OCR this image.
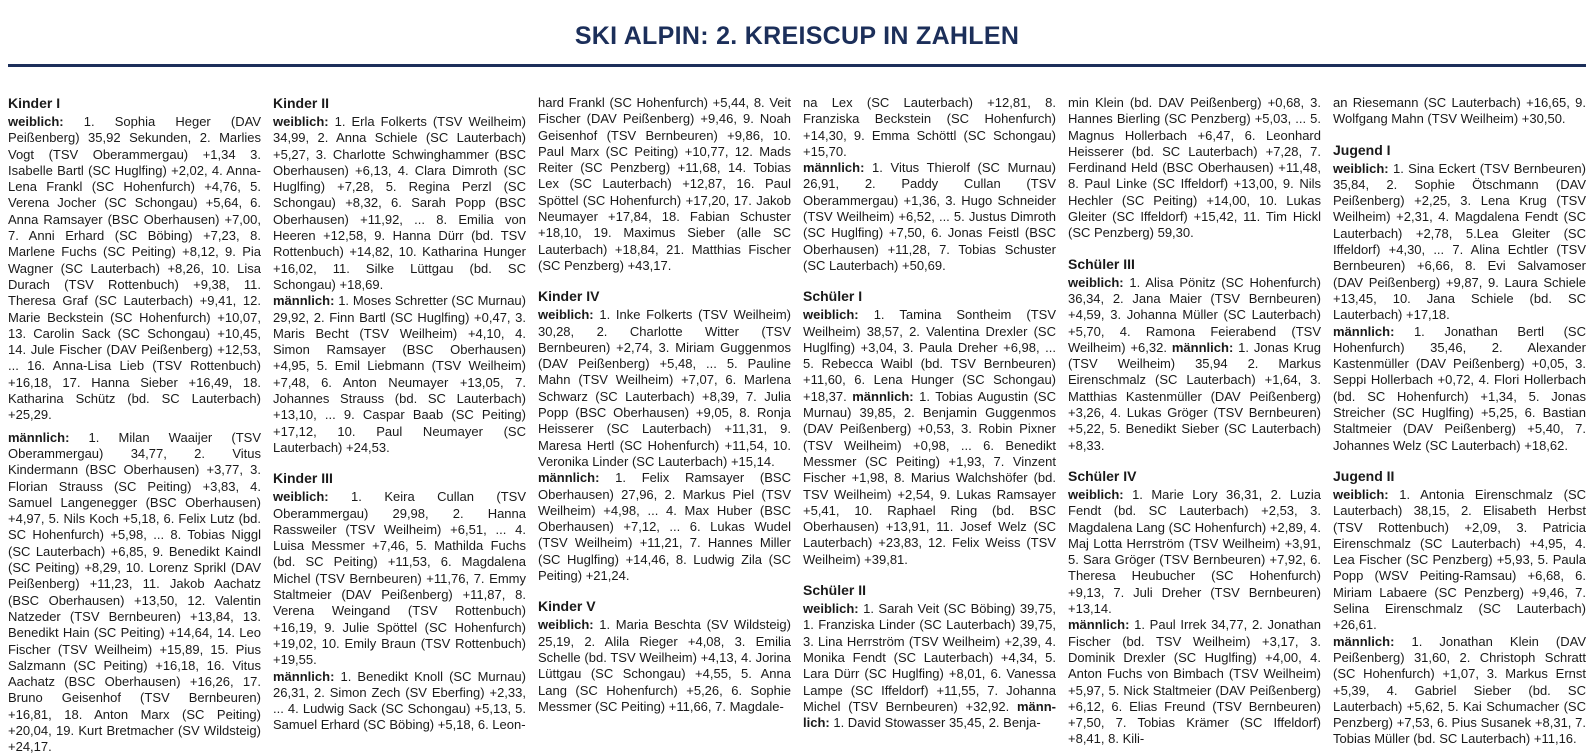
SKI ALPIN: 2. KREISCUP IN ZAHLEN
Kinder I

weiblich: 1. Sophia Heger (DAV Peißenberg) 35,92 Sekunden, 2. Marlies Vogt (TSV Oberammergau) +1,34 3. Isabelle Bartl (SC Huglfing) +2,02, 4. Anna-Lena Frankl (SC Hohenfurch) +4,76, 5. Verena Jocher (SC Schongau) +5,64, 6. Anna Ramsayer (BSC Oberhausen) +7,00, 7. Anni Erhard (SC Böbing) +7,23, 8. Marlene Fuchs (SC Peiting) +8,12, 9. Pia Wagner (SC Lauterbach) +8,26, 10. Lisa Durach (TSV Rottenbuch) +9,38, 11. Theresa Graf (SC Lauterbach) +9,41, 12. Marie Beckstein (SC Hohenfurch) +10,07, 13. Carolin Sack (SC Schongau) +10,45, 14. Jule Fischer (DAV Peißenberg) +12,53, ... 16. Anna-Lisa Lieb (TSV Rottenbuch) +16,18, 17. Hanna Sieber +16,49, 18. Katharina Schütz (bd. SC Lauterbach) +25,29.

männlich: 1. Milan Waaijer (TSV Oberammergau) 34,77, 2. Vitus Kindermann (BSC Oberhausen) +3,77, 3. Florian Strauss (SC Peiting) +3,83, 4. Samuel Langenegger (BSC Oberhausen) +4,97, 5. Nils Koch +5,18, 6. Felix Lutz (bd. SC Hohenfurch) +5,98, ... 8. Tobias Niggl (SC Lauterbach) +6,85, 9. Benedikt Kaindl (SC Peiting) +8,29, 10. Lorenz Sprikl (DAV Peißenberg) +11,23, 11. Jakob Aachatz (BSC Oberhausen) +13,50, 12. Valentin Natzeder (TSV Bernbeuren) +13,84, 13. Benedikt Hain (SC Peiting) +14,64, 14. Leo Fischer (TSV Weilheim) +15,89, 15. Pius Salzmann (SC Peiting) +16,18, 16. Vitus Aachatz (BSC Oberhausen) +16,26, 17. Bruno Geisenhof (TSV Bernbeuren) +16,81, 18. Anton Marx (SC Peiting) +20,04, 19. Kurt Bretmacher (SV Wildsteig) +24,17.

Kinder II

weiblich: 1. Erla Folkerts (TSV Weilheim) 34,99, 2. Anna Schiele (SC Lauterbach) +5,27, 3. Charlotte Schwinghammer (BSC Oberhausen) +6,13, 4. Clara Dimroth (SC Huglfing) +7,28, 5. Regina Perzl (SC Schongau) +8,32, 6. Sarah Popp (BSC Oberhausen) +11,92, ... 8. Emilia von Heeren +12,58, 9. Hanna Dürr (bd. TSV Rottenbuch) +14,82, 10. Katharina Hunger +16,02, 11. Silke Lüttgau (bd. SC Schongau) +18,69.

männlich: 1. Moses Schretter (SC Murnau) 29,92, 2. Finn Bartl (SC Huglfing) +0,47, 3. Maris Becht (TSV Weilheim) +4,10, 4. Simon Ramsayer (BSC Oberhausen) +4,95, 5. Emil Liebmann (TSV Weilheim) +7,48, 6. Anton Neumayer +13,05, 7. Johannes Strauss (bd. SC Lauterbach) +13,10, ... 9. Caspar Baab (SC Peiting) +17,12, 10. Paul Neumayer (SC Lauterbach) +24,53.

Kinder III

weiblich: 1. Keira Cullan (TSV Oberammergau) 29,98, 2. Hanna Rassweiler (TSV Weilheim) +6,51, ... 4. Luisa Messmer +7,46, 5. Mathilda Fuchs (bd. SC Peiting) +11,53, 6. Magdalena Michel (TSV Bernbeuren) +11,76, 7. Emmy Staltmeier (DAV Peißenberg) +11,87, 8. Verena Weingand (TSV Rottenbuch) +16,19, 9. Julie Spöttel (SC Hohenfurch) +19,02, 10. Emily Braun (TSV Rottenbuch) +19,55.

männlich: 1. Benedikt Knoll (SC Murnau) 26,31, 2. Simon Zech (SV Eberfing) +2,33, ... 4. Ludwig Sack (SC Schongau) +5,13, 5. Samuel Erhard (SC Böbing) +5,18, 6. Leon-

hard Frankl (SC Hohenfurch) +5,44, 8. Veit Fischer (DAV Peißenberg) +9,46, 9. Noah Geisenhof (TSV Bernbeuren) +9,86, 10. Paul Marx (SC Peiting) +10,77, 12. Mads Reiter (SC Penzberg) +11,68, 14. Tobias Lex (SC Lauterbach) +12,87, 16. Paul Spöttel (SC Hohenfurch) +17,20, 17. Jakob Neumayer +17,84, 18. Fabian Schuster +18,10, 19. Maximus Sieber (alle SC Lauterbach) +18,84, 21. Matthias Fischer (SC Penzberg) +43,17.

Kinder IV

weiblich: 1. Inke Folkerts (TSV Weilheim) 30,28, 2. Charlotte Witter (TSV Bernbeuren) +2,74, 3. Miriam Guggenmos (DAV Peißenberg) +5,48, ... 5. Pauline Mahn (TSV Weilheim) +7,07, 6. Marlena Schwarz (SC Lauterbach) +8,39, 7. Julia Popp (BSC Oberhausen) +9,05, 8. Ronja Heisserer (SC Lauterbach) +11,31, 9. Maresa Hertl (SC Hohenfurch) +11,54, 10. Veronika Linder (SC Lauterbach) +15,14.

männlich: 1. Felix Ramsayer (BSC Oberhausen) 27,96, 2. Markus Piel (TSV Weilheim) +4,98, ... 4. Max Huber (BSC Oberhausen) +7,12, ... 6. Lukas Wudel (TSV Weilheim) +11,21, 7. Hannes Miller (SC Huglfing) +14,46, 8. Ludwig Zila (SC Peiting) +21,24.

Kinder V

weiblich: 1. Maria Beschta (SV Wildsteig) 25,19, 2. Alila Rieger +4,08, 3. Emilia Schelle (bd. TSV Weilheim) +4,13, 4. Jorina Lüttgau (SC Schongau) +4,55, 5. Anna Lang (SC Hohenfurch) +5,26, 6. Sophie Messmer (SC Peiting) +11,66, 7. Magdale-

na Lex (SC Lauterbach) +12,81, 8. Franziska Beckstein (SC Hohenfurch) +14,30, 9. Emma Schöttl (SC Schongau) +15,70.

männlich: 1. Vitus Thierolf (SC Murnau) 26,91, 2. Paddy Cullan (TSV Oberammergau) +1,36, 3. Hugo Schneider (TSV Weilheim) +6,52, ... 5. Justus Dimroth (SC Huglfing) +7,50, 6. Jonas Feistl (BSC Oberhausen) +11,28, 7. Tobias Schuster (SC Lauterbach) +50,69.

Schüler I

weiblich: 1. Tamina Sontheim (TSV Weilheim) 38,57, 2. Valentina Drexler (SC Huglfing) +3,04, 3. Paula Dreher +6,98, ... 5. Rebecca Waibl (bd. TSV Bernbeuren) +11,60, 6. Lena Hunger (SC Schongau) +18,37. männlich: 1. Tobias Augustin (SC Murnau) 39,85, 2. Benjamin Guggenmos (DAV Peißenberg) +0,53, 3. Robin Pixner (TSV Weilheim) +0,98, ... 6. Benedikt Messmer (SC Peiting) +1,93, 7. Vinzent Fischer +1,98, 8. Marius Walchshöfer (bd. TSV Weilheim) +2,54, 9. Lukas Ramsayer +5,41, 10. Raphael Ring (bd. BSC Oberhausen) +13,91, 11. Josef Welz (SC Lauterbach) +23,83, 12. Felix Weiss (TSV Weilheim) +39,81.

Schüler II

weiblich: 1. Sarah Veit (SC Böbing) 39,75, 1. Franziska Linder (SC Lauterbach) 39,75, 3. Lina Herrström (TSV Weilheim) +2,39, 4. Monika Fendt (SC Lauterbach) +4,34, 5. Lara Dürr (SC Huglfing) +8,01, 6. Vanessa Lampe (SC Iffeldorf) +11,55, 7. Johanna Michel (TSV Bernbeuren) +32,92. männ- lich: 1. David Stowasser 35,45, 2. Benja-

min Klein (bd. DAV Peißenberg) +0,68, 3. Hannes Bierling (SC Penzberg) +5,03, ... 5. Magnus Hollerbach +6,47, 6. Leonhard Heisserer (bd. SC Lauterbach) +7,28, 7. Ferdinand Held (BSC Oberhausen) +11,48, 8. Paul Linke (SC Iffeldorf) +13,00, 9. Nils Hechler (SC Peiting) +14,00, 10. Lukas Gleiter (SC Iffeldorf) +15,42, 11. Tim Hickl (SC Penzberg) 59,30.

Schüler III

weiblich: 1. Alisa Pönitz (SC Hohenfurch) 36,34, 2. Jana Maier (TSV Bernbeuren) +4,59, 3. Johanna Müller (SC Lauterbach) +5,70, 4. Ramona Feierabend (TSV Weilheim) +6,32. männlich: 1. Jonas Krug (TSV Weilheim) 35,94 2. Markus Eirenschmalz (SC Lauterbach) +1,64, 3. Matthias Kastenmüller (DAV Peißenberg) +3,26, 4. Lukas Gröger (TSV Bernbeuren) +5,22, 5. Benedikt Sieber (SC Lauterbach) +8,33.

Schüler IV

weiblich: 1. Marie Lory 36,31, 2. Luzia Fendt (bd. SC Lauterbach) +2,53, 3. Magdalena Lang (SC Hohenfurch) +2,89, 4. Maj Lotta Herrström (TSV Weilheim) +3,91, 5. Sara Gröger (TSV Bernbeuren) +7,92, 6. Theresa Heubucher (SC Hohenfurch) +9,13, 7. Juli Dreher (TSV Bernbeuren) +13,14.

männlich: 1. Paul Irrek 34,77, 2. Jonathan Fischer (bd. TSV Weilheim) +3,17, 3. Dominik Drexler (SC Huglfing) +4,00, 4. Anton Fuchs von Bimbach (TSV Weilheim) +5,97, 5. Nick Staltmeier (DAV Peißenberg) +6,12, 6. Elias Freund (TSV Bernbeuren) +7,50, 7. Tobias Krämer (SC Iffeldorf) +8,41, 8. Kili-

an Riesemann (SC Lauterbach) +16,65, 9. Wolfgang Mahn (TSV Weilheim) +30,50.

Jugend I

weiblich: 1. Sina Eckert (TSV Bernbeuren) 35,84, 2. Sophie Ötschmann (DAV Peißenberg) +2,25, 3. Lena Krug (TSV Weilheim) +2,31, 4. Magdalena Fendt (SC Lauterbach) +2,78, 5.Lea Gleiter (SC Iffeldorf) +4,30, ... 7. Alina Echtler (TSV Bernbeuren) +6,66, 8. Evi Salvamoser (DAV Peißenberg) +9,87, 9. Laura Schiele +13,45, 10. Jana Schiele (bd. SC Lauterbach) +17,18.

männlich: 1. Jonathan Bertl (SC Hohenfurch) 35,46, 2. Alexander Kastenmüller (DAV Peißenberg) +0,05, 3. Seppi Hollerbach +0,72, 4. Flori Hollerbach (bd. SC Hohenfurch) +1,34, 5. Jonas Streicher (SC Huglfing) +5,25, 6. Bastian Staltmeier (DAV Peißenberg) +5,40, 7. Johannes Welz (SC Lauterbach) +18,62.

Jugend II

weiblich: 1. Antonia Eirenschmalz (SC Lauterbach) 38,15, 2. Elisabeth Herbst (TSV Rottenbuch) +2,09, 3. Patricia Eirenschmalz (SC Lauterbach) +4,95, 4. Lea Fischer (SC Penzberg) +5,93, 5. Paula Popp (WSV Peiting-Ramsau) +6,68, 6. Miriam Labaere (SC Penzberg) +9,46, 7. Selina Eirenschmalz (SC Lauterbach) +26,61.

männlich: 1. Jonathan Klein (DAV Peißenberg) 31,60, 2. Christoph Schratt (SC Hohenfurch) +1,07, 3. Markus Ernst +5,39, 4. Gabriel Sieber (bd. SC Lauterbach) +5,62, 5. Kai Schumacher (SC Penzberg) +7,53, 6. Pius Susanek +8,31, 7. Tobias Müller (bd. SC Lauterbach) +11,16.
